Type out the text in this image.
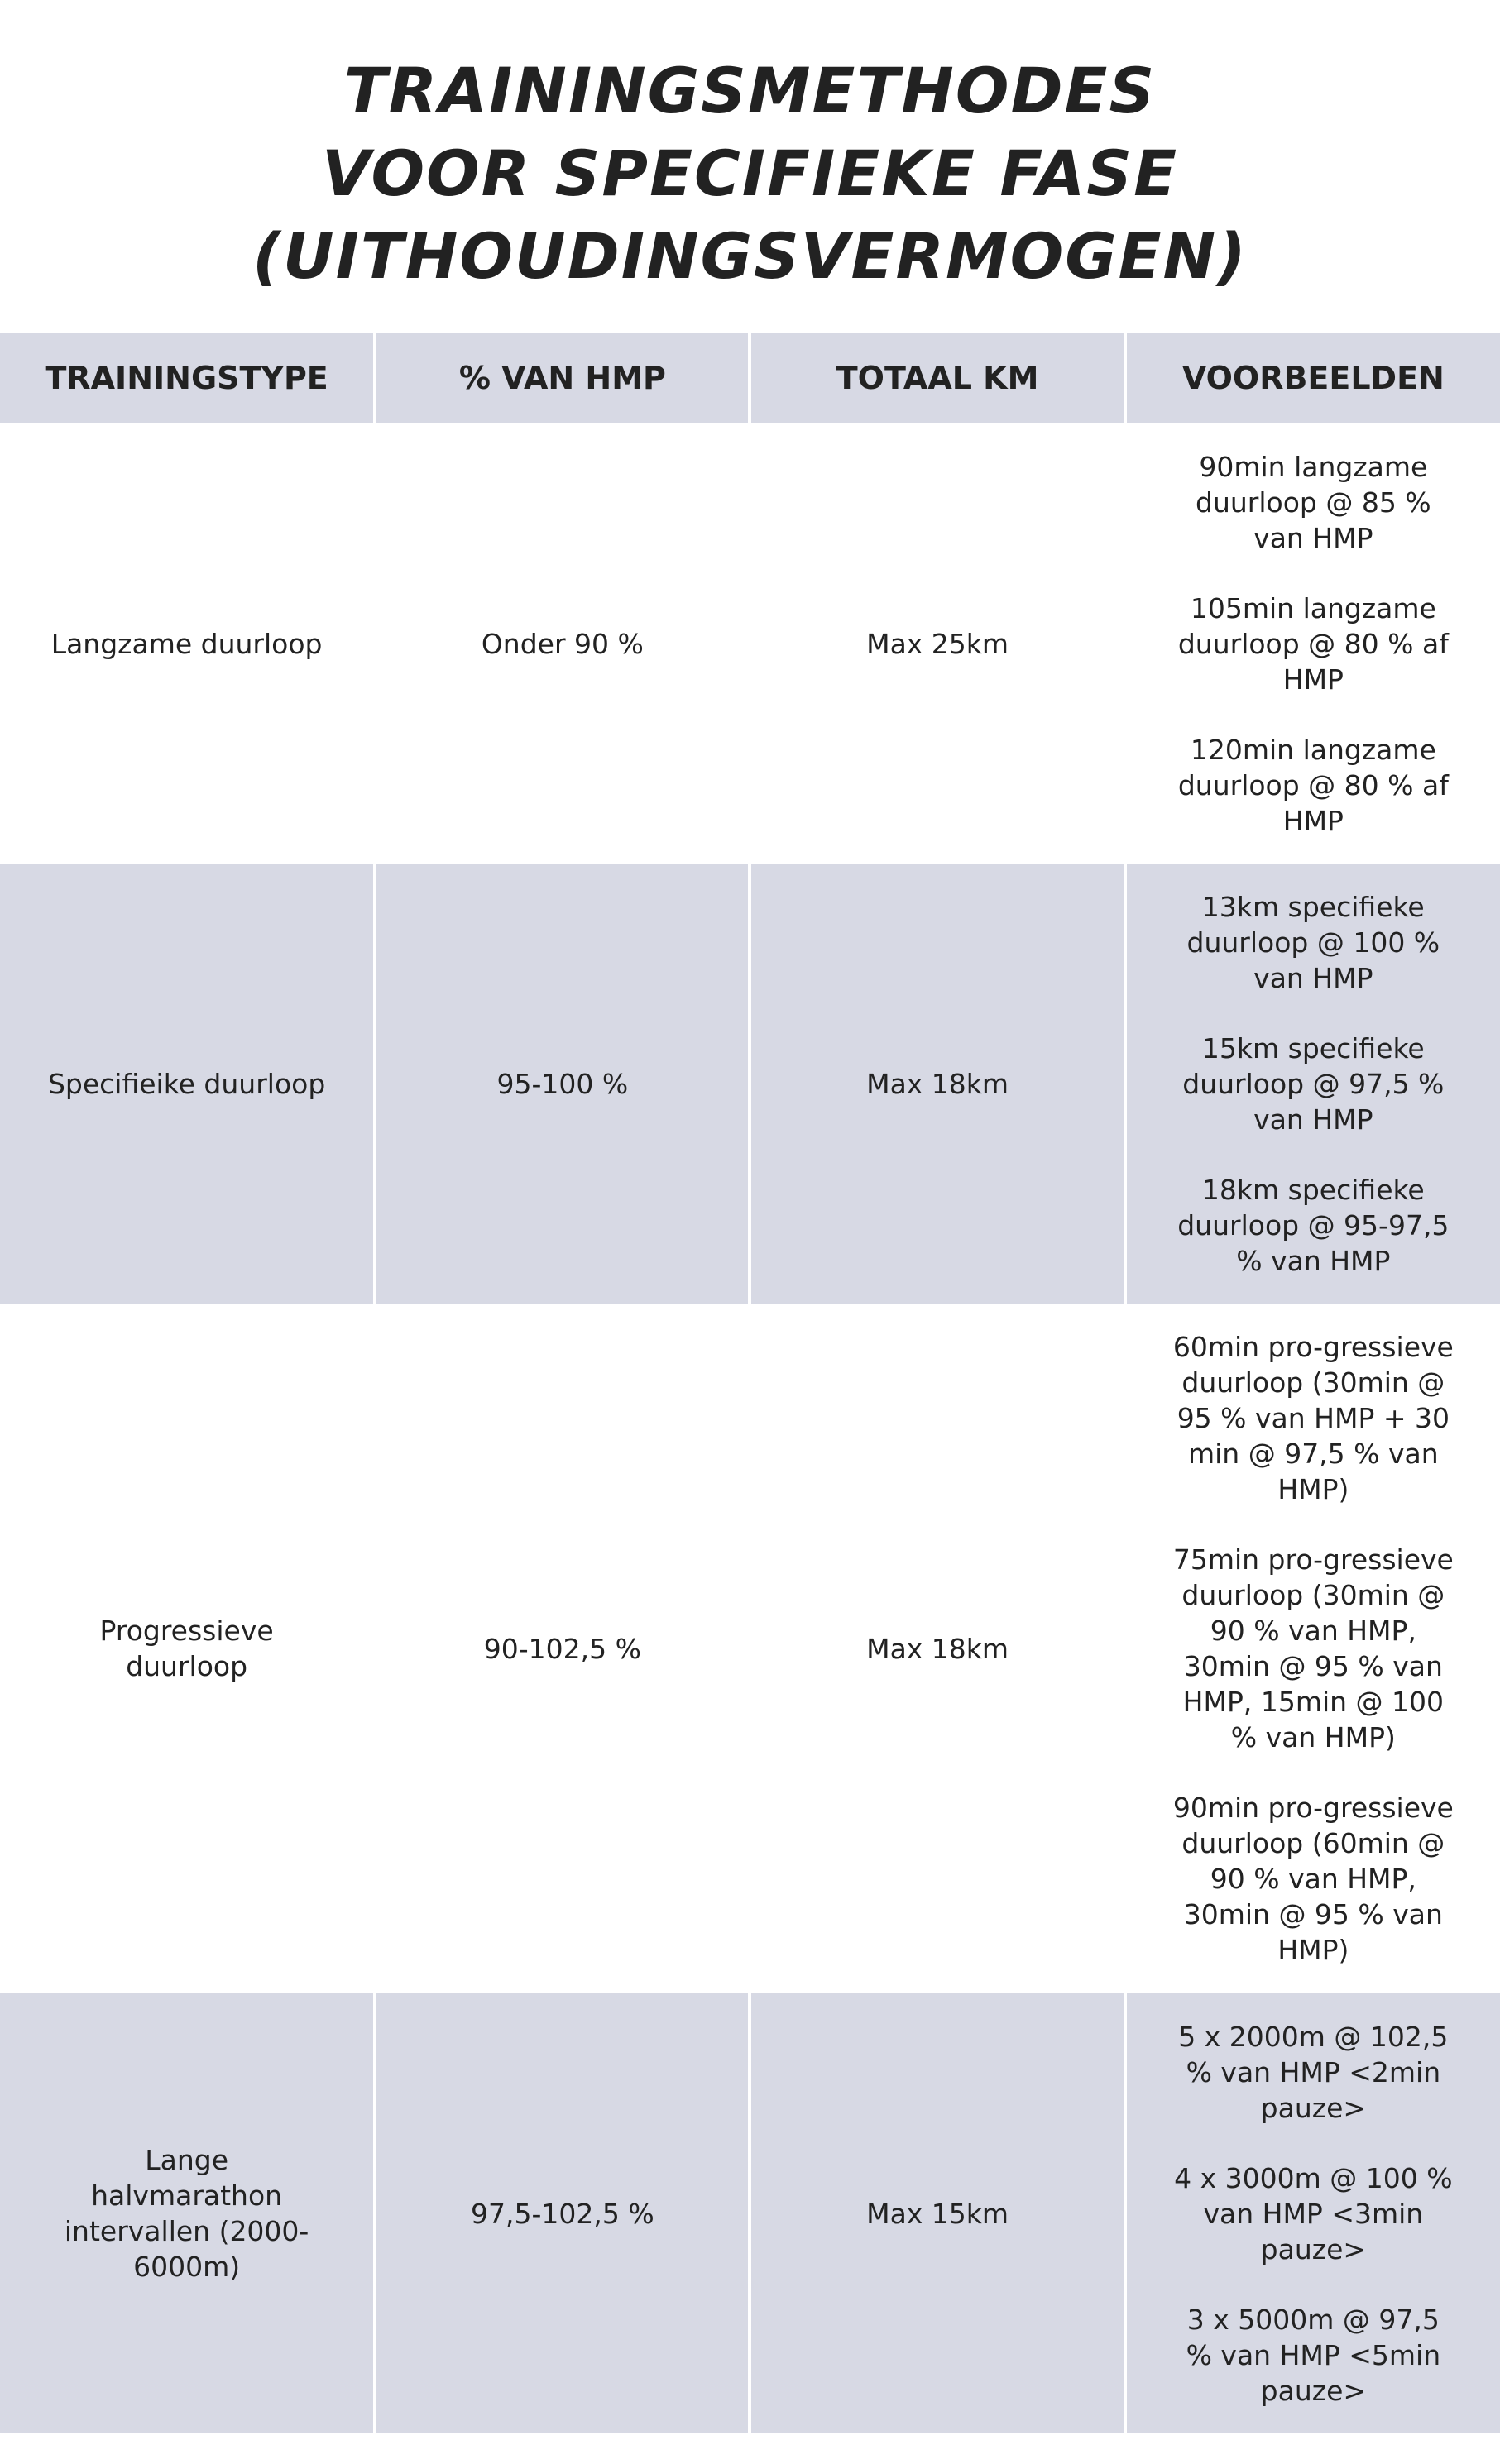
TRAININGSMETHODES
VOOR SPECIFIEKE FASE
(UITHOUDINGSVERMOGEN)
TRAININGSTYPE	% VAN HMP	TOTAAL KM	VOORBEELDEN

Langzame duurloop	Onder 90 %	Max 25km	90min langzame duurloop @ 85 % van HMP
105min langzame duurloop @ 80 % af HMP
120min langzame duurloop @ 80 % af HMP

Specifieike duurloop	95-100 %	Max 18km	13km specifieke duurloop @ 100 % van HMP
15km specifieke duurloop @ 97,5 % van HMP
18km specifieke duurloop @ 95-97,5 % van HMP

Progressieve duurloop	90-102,5 %	Max 18km	60min pro-gressieve duurloop (30min @ 95 % van HMP + 30 min @ 97,5 % van HMP)
75min pro-gressieve duurloop (30min @ 90 % van HMP, 30min @ 95 % van HMP, 15min @ 100 % van HMP)
90min pro-gressieve duurloop (60min @ 90 % van HMP, 30min @ 95 % van HMP)

Lange halvmarathon intervallen (2000-6000m)	97,5-102,5 %	Max 15km	5 x 2000m @ 102,5 % van HMP <2min pauze>
4 x 3000m @ 100 % van HMP <3min pauze>
3 x 5000m @ 97,5 % van HMP <5min pauze>
